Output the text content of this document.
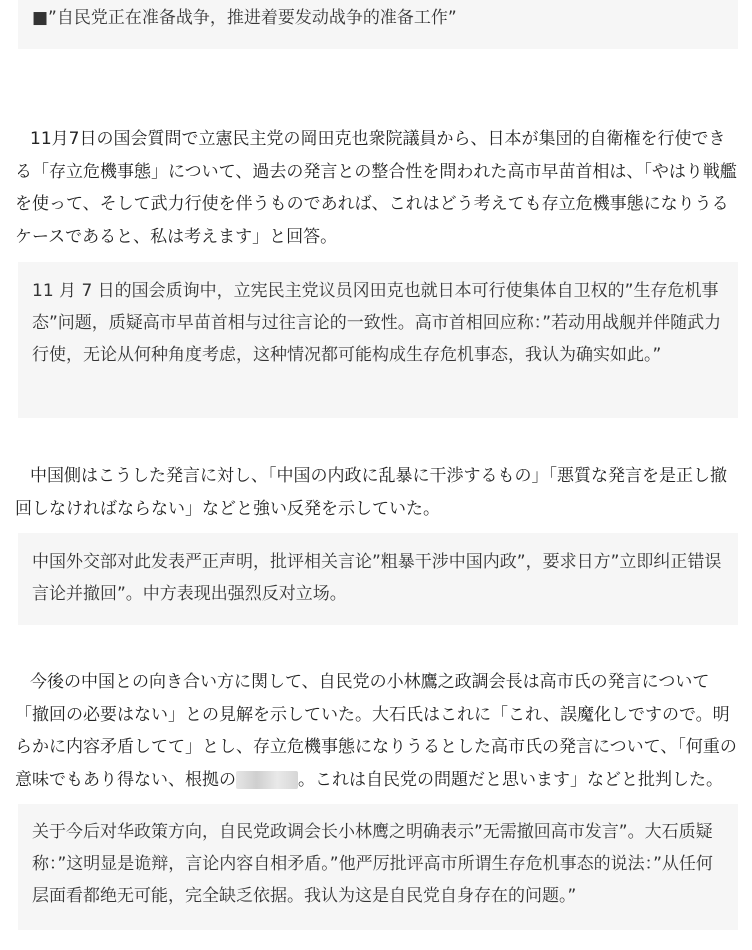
■”自民党正在准备战争，推进着要发动战争的准备工作”
11月7日の国会質問で立憲民主党の岡田克也衆院議員から、日本が集団的自衛権を行使できる「存立危機事態」について、過去の発言との整合性を問われた高市早苗首相は、「やはり戦艦を使って、そして武力行使を伴うものであれば、これはどう考えても存立危機事態になりうるケースであると、私は考えます」と回答。
11 月 7 日的国会质询中，立宪民主党议员冈田克也就日本可行使集体自卫权的”生存危机事态”问题，质疑高市早苗首相与过往言论的一致性。高市首相回应称：”若动用战舰并伴随武力行使，无论从何种角度考虑，这种情况都可能构成生存危机事态，我认为确实如此。”
中国側はこうした発言に対し、「中国の内政に乱暴に干渉するもの」「悪質な発言を是正し撤回しなければならない」などと強い反発を示していた。
中国外交部对此发表严正声明，批评相关言论”粗暴干涉中国内政”，要求日方”立即纠正错误言论并撤回”。中方表现出强烈反对立场。
今後の中国との向き合い方に関して、自民党の小林鷹之政調会長は高市氏の発言について「撤回の必要はない」との見解を示していた。大石氏はこれに「これ、誤魔化しですので。明らかに内容矛盾してて」とし、存立危機事態になりうるとした高市氏の発言について、「何重の意味でもあり得ない、根拠の	。これは自民党の問題だと思います」などと批判した。
关于今后对华政策方向，自民党政调会长小林鹰之明确表示”无需撤回高市发言”。大石质疑称：”这明显是诡辩，言论内容自相矛盾。”他严厉批评高市所谓生存危机事态的说法：”从任何层面看都绝无可能，完全缺乏依据。我认为这是自民党自身存在的问题。”
